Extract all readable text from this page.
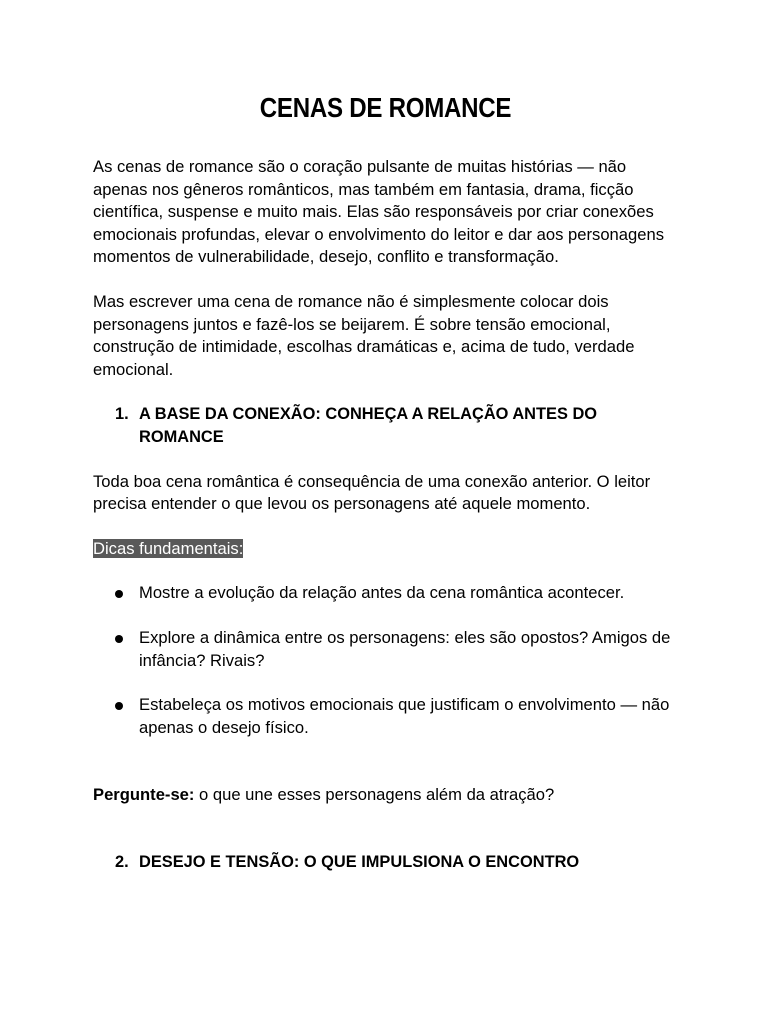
CENAS DE ROMANCE

As cenas de romance são o coração pulsante de muitas histórias — não apenas nos gêneros românticos, mas também em fantasia, drama, ficção científica, suspense e muito mais. Elas são responsáveis por criar conexões emocionais profundas, elevar o envolvimento do leitor e dar aos personagens momentos de vulnerabilidade, desejo, conflito e transformação.

Mas escrever uma cena de romance não é simplesmente colocar dois personagens juntos e fazê-los se beijarem. É sobre tensão emocional, construção de intimidade, escolhas dramáticas e, acima de tudo, verdade emocional.

1. A BASE DA CONEXÃO: CONHEÇA A RELAÇÃO ANTES DO ROMANCE

Toda boa cena romântica é consequência de uma conexão anterior. O leitor precisa entender o que levou os personagens até aquele momento.

Dicas fundamentais:
Mostre a evolução da relação antes da cena romântica acontecer.
Explore a dinâmica entre os personagens: eles são opostos? Amigos de infância? Rivais?
Estabeleça os motivos emocionais que justificam o envolvimento — não apenas o desejo físico.

Pergunte-se: o que une esses personagens além da atração?

2. DESEJO E TENSÃO: O QUE IMPULSIONA O ENCONTRO
